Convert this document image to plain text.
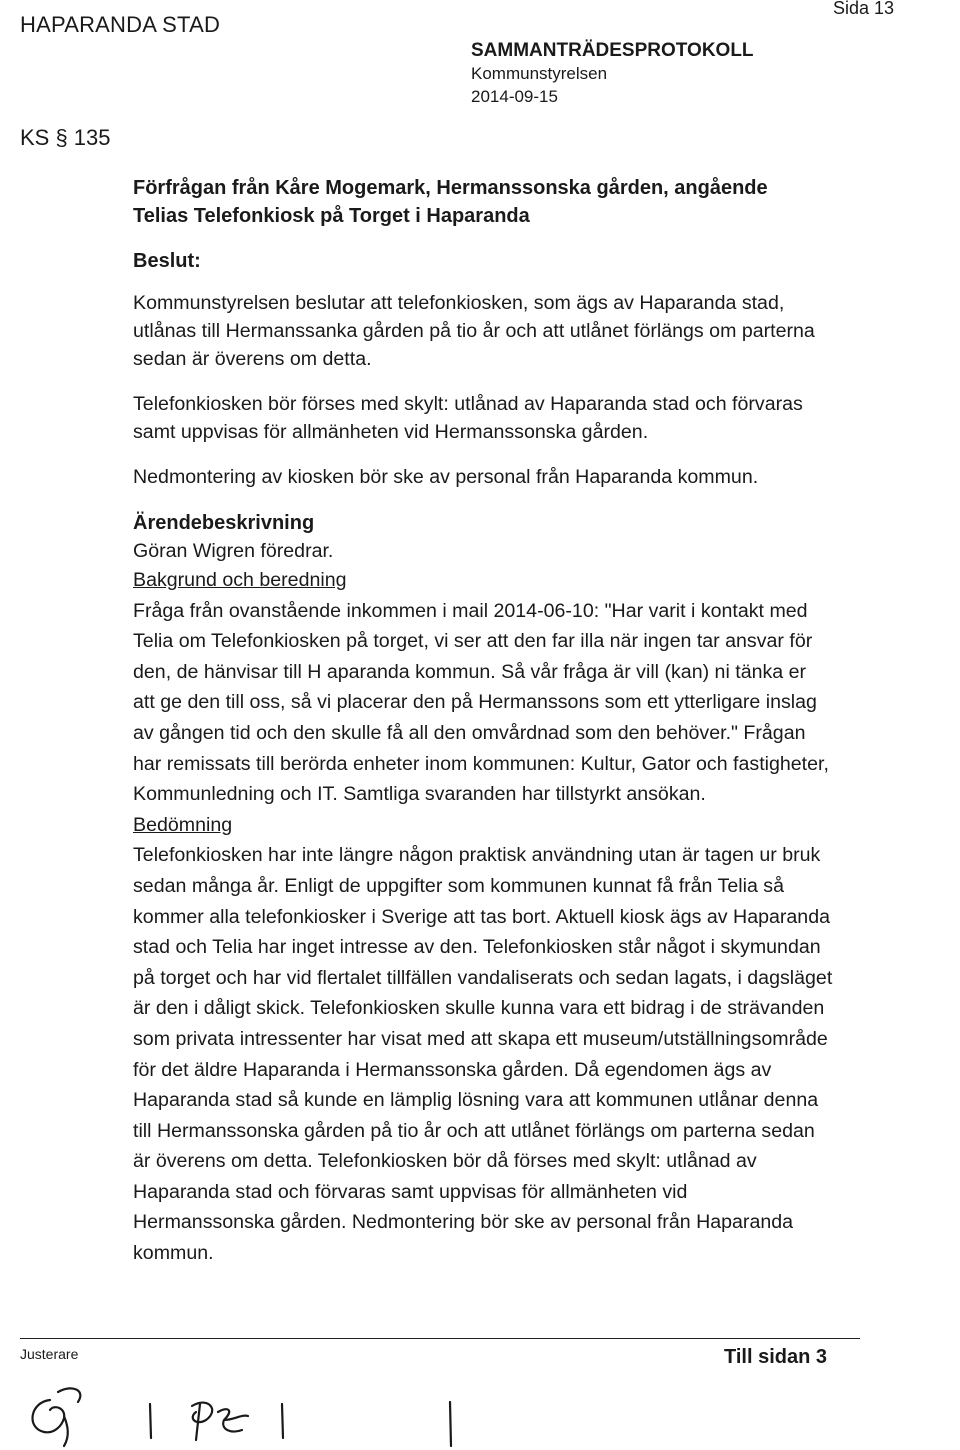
HAPARANDA STAD
SAMMANTRÄDESPROTOKOLL
Kommunstyrelsen
2014-09-15
Sida 13
KS § 135

Förfrågan från Kåre Mogemark, Hermanssonska gården, angående

Telias Telefonkiosk på Torget i Haparanda

Beslut:

Kommunstyrelsen beslutar att telefonkiosken, som ägs av Haparanda stad, utlånas till Hermanssanka gården på tio år och att utlånet förlängs om parterna sedan är överens om detta.

Telefonkiosken bör förses med skylt: utlånad av Haparanda stad och förvaras samt uppvisas för allmänheten vid Hermanssonska gården.

Nedmontering av kiosken bör ske av personal från Haparanda kommun.

Ärendebeskrivning

Göran Wigren föredrar.

Bakgrund och beredning
Fråga från ovanstående inkommen i mail 2014-06-10: "Har varit i kontakt med Telia om Telefonkiosken på torget, vi ser att den far illa när ingen tar ansvar för den, de hänvisar till H aparanda kommun. Så vår fråga är vill (kan) ni tänka er att ge den till oss, så vi placerar den på Hermanssons som ett ytterligare inslag av gången tid och den skulle få all den omvårdnad som den behöver." Frågan har remissats till berörda enheter inom kommunen: Kultur, Gator och fastigheter, Kommunledning och IT. Samtliga svaranden har tillstyrkt ansökan.
Bedömning
Telefonkiosken har inte längre någon praktisk användning utan är tagen ur bruk sedan många år. Enligt de uppgifter som kommunen kunnat få från Telia så kommer alla telefonkiosker i Sverige att tas bort. Aktuell kiosk ägs av Haparanda stad och Telia har inget intresse av den. Telefonkiosken står något i skymundan på torget och har vid flertalet tillfällen vandaliserats och sedan lagats, i dagsläget är den i dåligt skick. Telefonkiosken skulle kunna vara ett bidrag i de strävanden som privata intressenter har visat med att skapa ett museum/utställningsområde för det äldre Haparanda i Hermanssonska gården. Då egendomen ägs av Haparanda stad så kunde en lämplig lösning vara att kommunen utlånar denna till Hermanssonska gården på tio år och att utlånet förlängs om parterna sedan är överens om detta. Telefonkiosken bör då förses med skylt: utlånad av Haparanda stad och förvaras samt uppvisas för allmänheten vid Hermanssonska gården. Nedmontering bör ske av personal från Haparanda kommun.
Justerare	Till sidan 3
